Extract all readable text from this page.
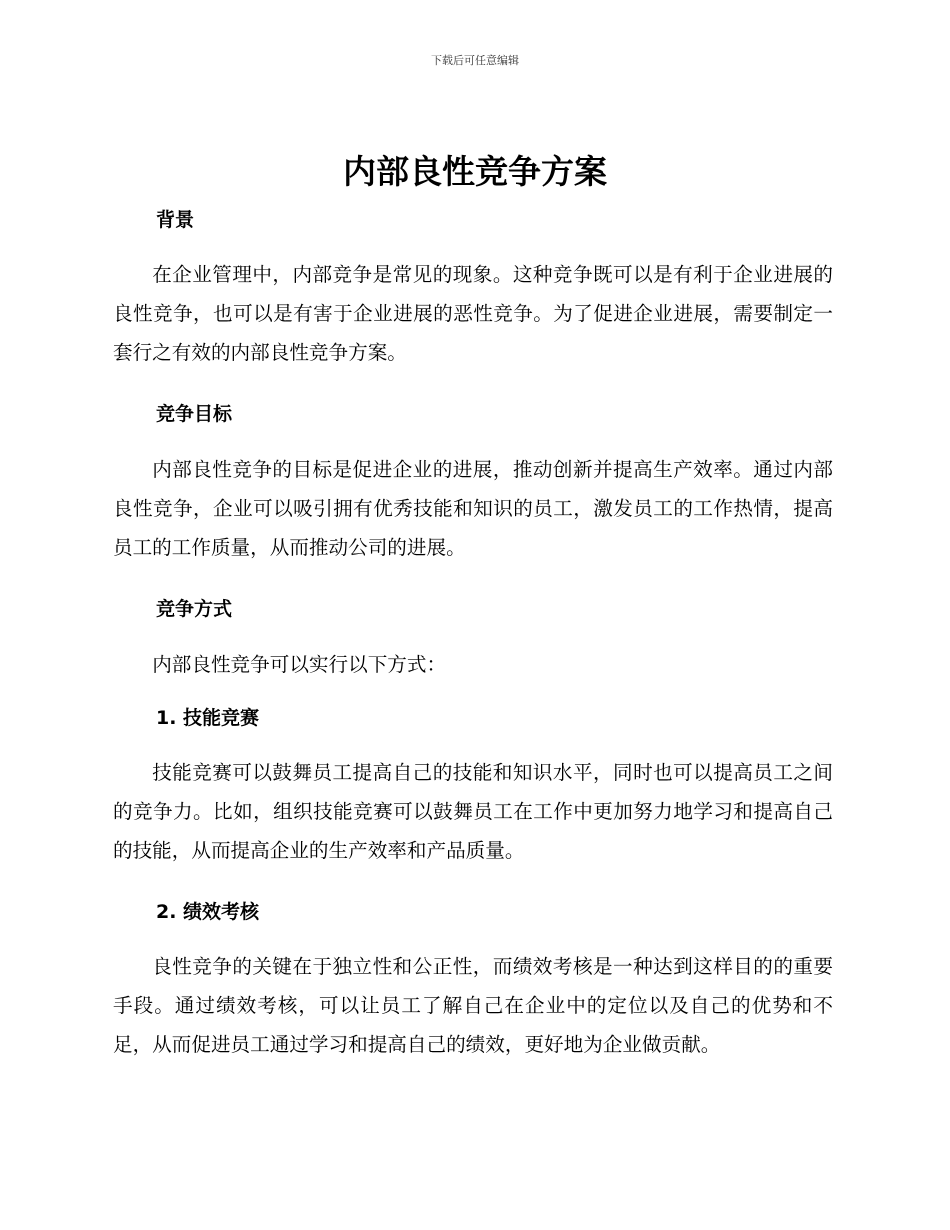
下载后可任意编辑
内部良性竞争方案
背景

在企业管理中，内部竞争是常见的现象。这种竞争既可以是有利于企业进展的良性竞争，也可以是有害于企业进展的恶性竞争。为了促进企业进展，需要制定一套行之有效的内部良性竞争方案。

竞争目标

内部良性竞争的目标是促进企业的进展，推动创新并提高生产效率。通过内部良性竞争，企业可以吸引拥有优秀技能和知识的员工，激发员工的工作热情，提高员工的工作质量，从而推动公司的进展。

竞争方式

内部良性竞争可以实行以下方式：

1. 技能竞赛

技能竞赛可以鼓舞员工提高自己的技能和知识水平，同时也可以提高员工之间的竞争力。比如，组织技能竞赛可以鼓舞员工在工作中更加努力地学习和提高自己的技能，从而提高企业的生产效率和产品质量。

2. 绩效考核

良性竞争的关键在于独立性和公正性，而绩效考核是一种达到这样目的的重要手段。通过绩效考核，可以让员工了解自己在企业中的定位以及自己的优势和不足，从而促进员工通过学习和提高自己的绩效，更好地为企业做贡献。
